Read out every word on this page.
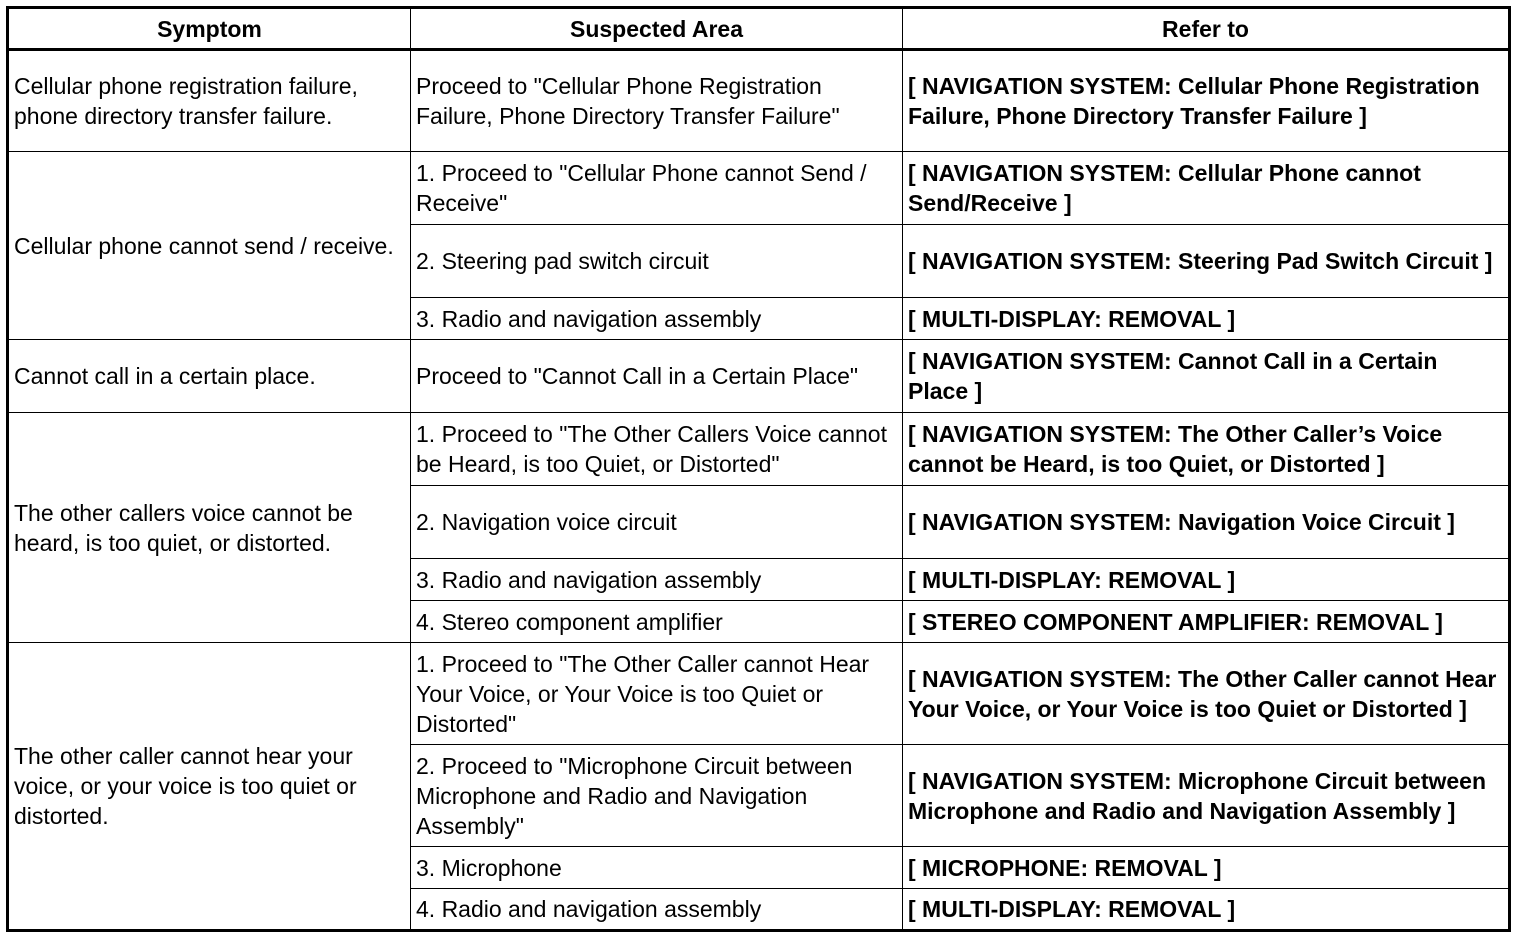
Symptom	Suspected Area	Refer to
Cellular phone registration failure, phone directory transfer failure.	Proceed to "Cellular Phone Registration Failure, Phone Directory Transfer Failure"	[ NAVIGATION SYSTEM: Cellular Phone Registration Failure, Phone Directory Transfer Failure ]
Cellular phone cannot send / receive.	1. Proceed to "Cellular Phone cannot Send / Receive"	[ NAVIGATION SYSTEM: Cellular Phone cannot Send/Receive ]
	2. Steering pad switch circuit	[ NAVIGATION SYSTEM: Steering Pad Switch Circuit ]
	3. Radio and navigation assembly	[ MULTI-DISPLAY: REMOVAL ]
Cannot call in a certain place.	Proceed to "Cannot Call in a Certain Place"	[ NAVIGATION SYSTEM: Cannot Call in a Certain Place ]
The other callers voice cannot be heard, is too quiet, or distorted.	1. Proceed to "The Other Callers Voice cannot be Heard, is too Quiet, or Distorted"	[ NAVIGATION SYSTEM: The Other Caller’s Voice cannot be Heard, is too Quiet, or Distorted ]
	2. Navigation voice circuit	[ NAVIGATION SYSTEM: Navigation Voice Circuit ]
	3. Radio and navigation assembly	[ MULTI-DISPLAY: REMOVAL ]
	4. Stereo component amplifier	[ STEREO COMPONENT AMPLIFIER: REMOVAL ]
The other caller cannot hear your voice, or your voice is too quiet or distorted.	1. Proceed to "The Other Caller cannot Hear Your Voice, or Your Voice is too Quiet or Distorted"	[ NAVIGATION SYSTEM: The Other Caller cannot Hear Your Voice, or Your Voice is too Quiet or Distorted ]
	2. Proceed to "Microphone Circuit between Microphone and Radio and Navigation Assembly"	[ NAVIGATION SYSTEM: Microphone Circuit between Microphone and Radio and Navigation Assembly ]
	3. Microphone	[ MICROPHONE: REMOVAL ]
	4. Radio and navigation assembly	[ MULTI-DISPLAY: REMOVAL ]
